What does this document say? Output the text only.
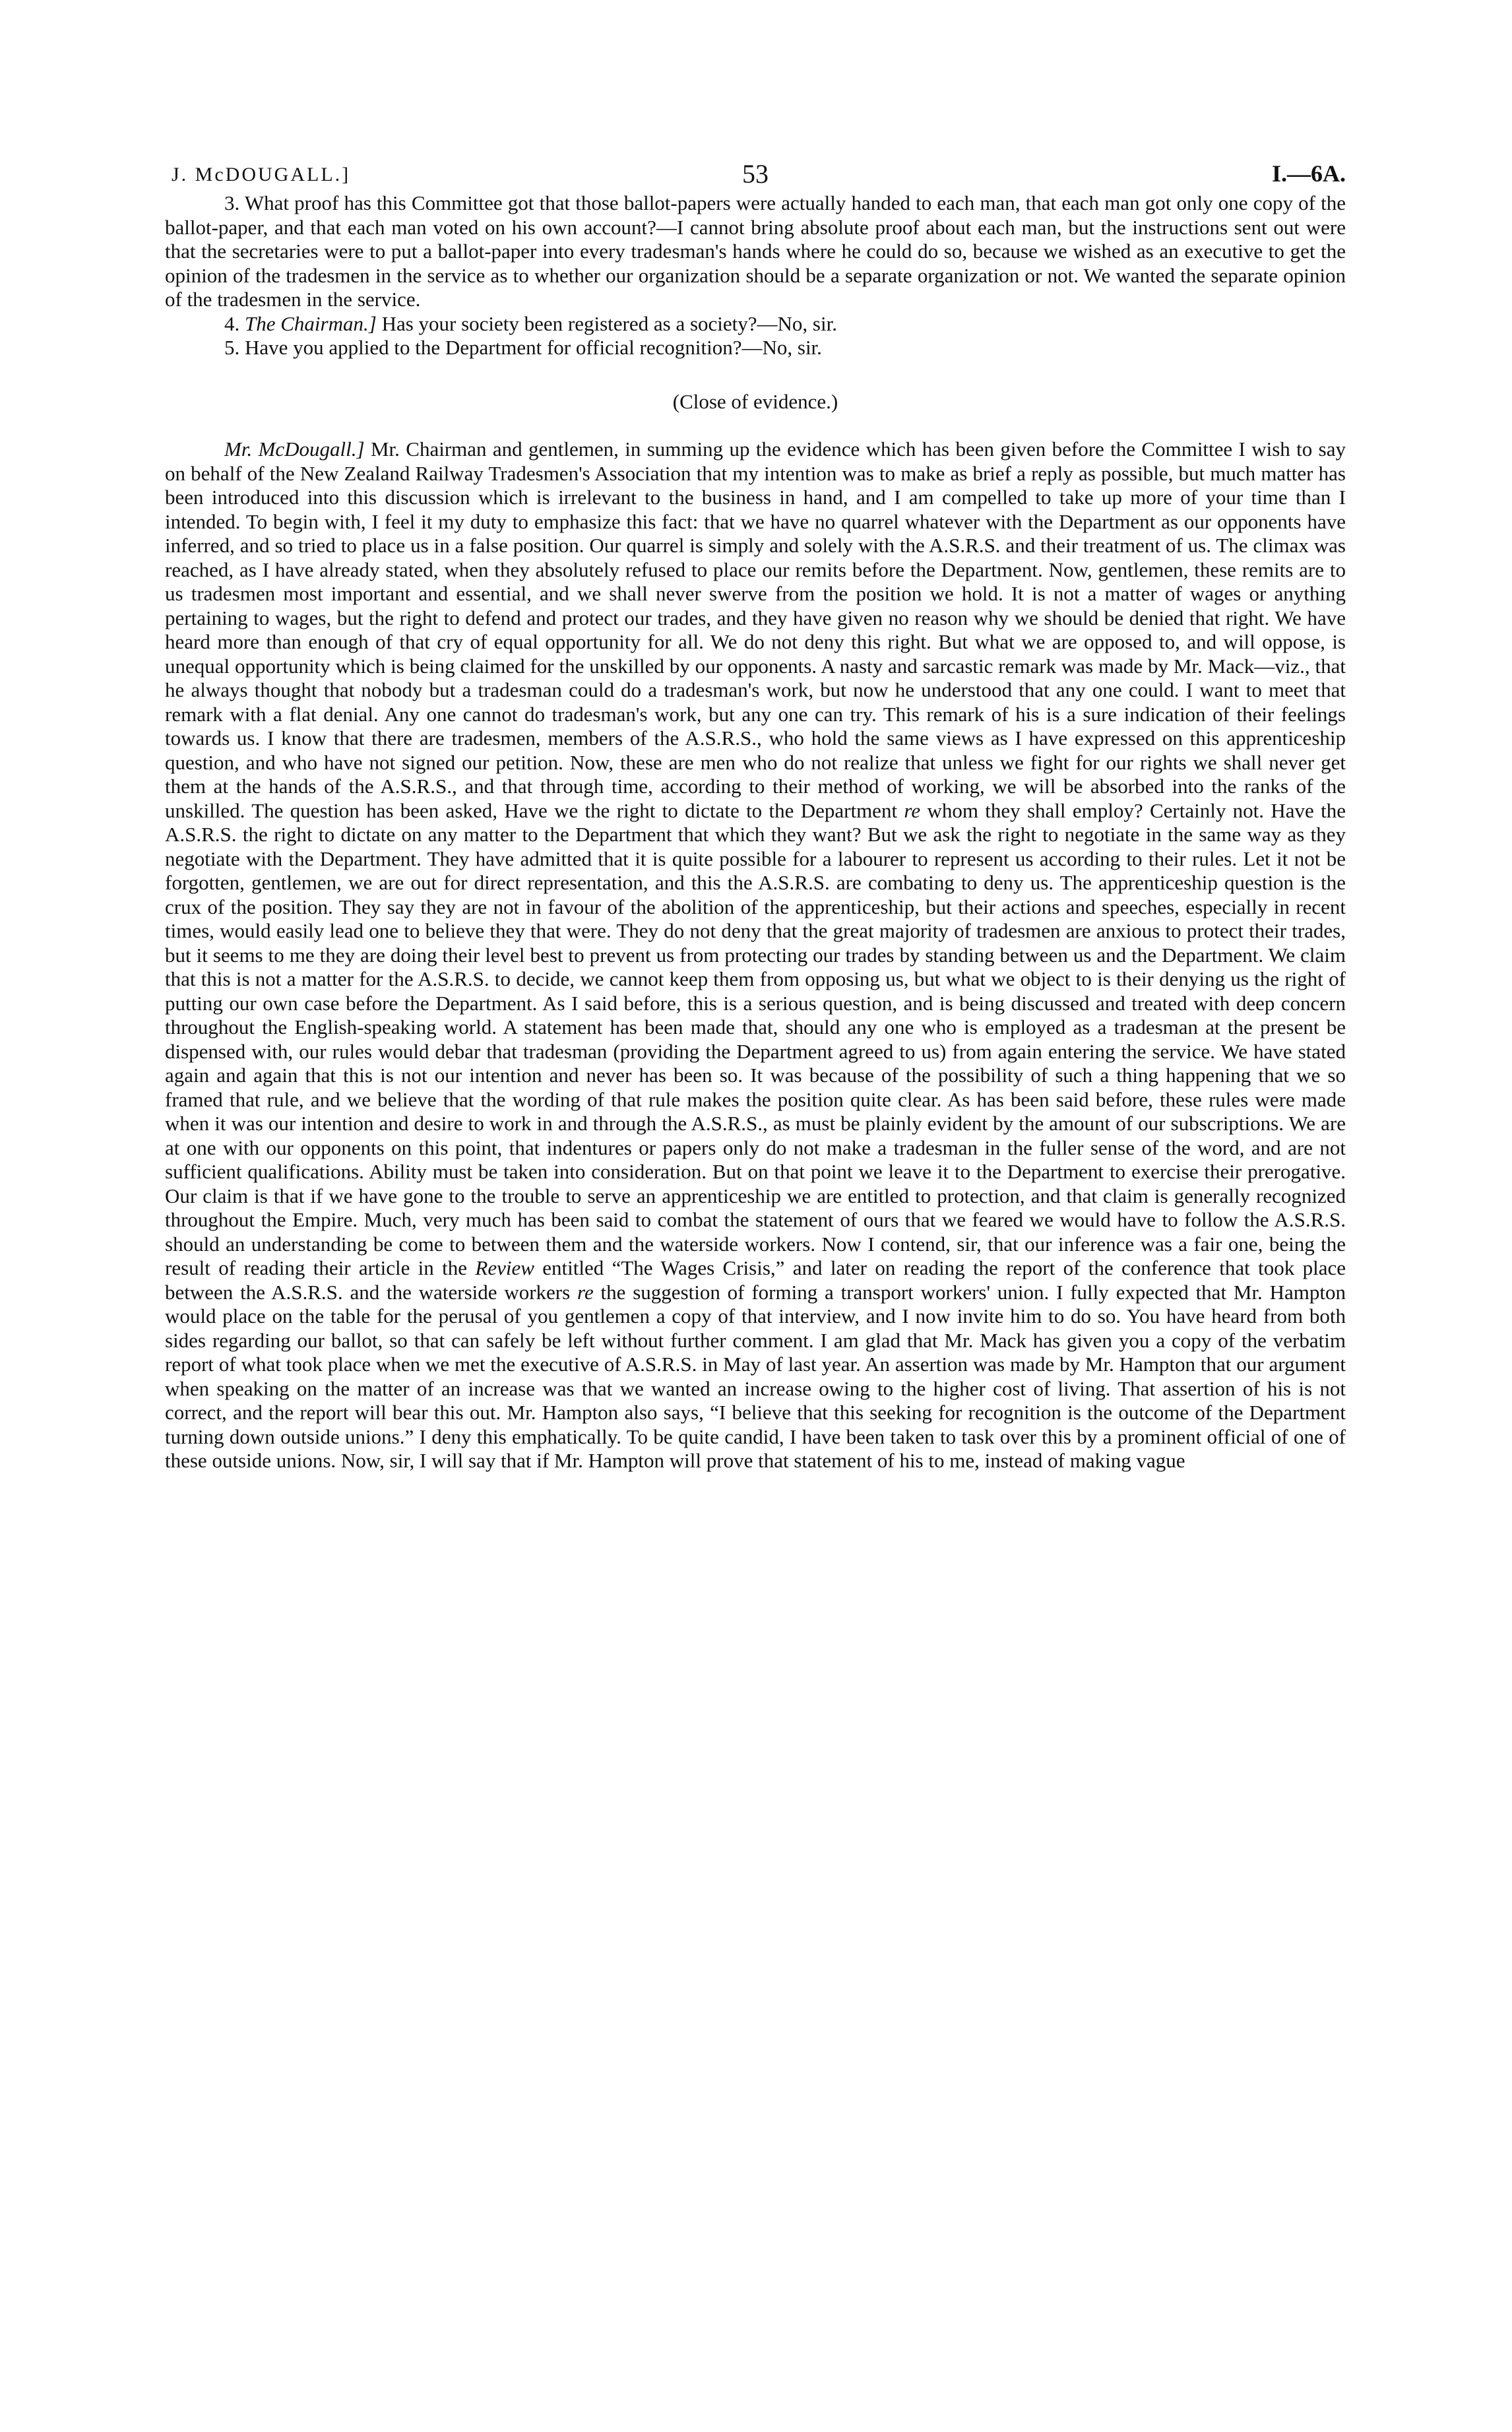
J. McDOUGALL.]	53	I.—6A.

3. What proof has this Committee got that those ballot-papers were actually handed to each man, that each man got only one copy of the ballot-paper, and that each man voted on his own account?—I cannot bring absolute proof about each man, but the instructions sent out were that the secretaries were to put a ballot-paper into every tradesman's hands where he could do so, because we wished as an executive to get the opinion of the tradesmen in the service as to whether our organization should be a separate organization or not. We wanted the separate opinion of the tradesmen in the service.

4. The Chairman.] Has your society been registered as a society?—No, sir.

5. Have you applied to the Department for official recognition?—No, sir.

(Close of evidence.)

Mr. McDougall.] Mr. Chairman and gentlemen, in summing up the evidence which has been given before the Committee I wish to say on behalf of the New Zealand Railway Tradesmen's Association that my intention was to make as brief a reply as possible, but much matter has been introduced into this discussion which is irrelevant to the business in hand, and I am compelled to take up more of your time than I intended. To begin with, I feel it my duty to emphasize this fact: that we have no quarrel whatever with the Department as our opponents have inferred, and so tried to place us in a false position. Our quarrel is simply and solely with the A.S.R.S. and their treatment of us. The climax was reached, as I have already stated, when they absolutely refused to place our remits before the Department. Now, gentlemen, these remits are to us tradesmen most important and essential, and we shall never swerve from the position we hold. It is not a matter of wages or anything pertaining to wages, but the right to defend and protect our trades, and they have given no reason why we should be denied that right. We have heard more than enough of that cry of equal opportunity for all. We do not deny this right. But what we are opposed to, and will oppose, is unequal opportunity which is being claimed for the unskilled by our opponents. A nasty and sarcastic remark was made by Mr. Mack—viz., that he always thought that nobody but a tradesman could do a tradesman's work, but now he understood that any one could. I want to meet that remark with a flat denial. Any one cannot do tradesman's work, but any one can try. This remark of his is a sure indication of their feelings towards us. I know that there are tradesmen, members of the A.S.R.S., who hold the same views as I have expressed on this apprenticeship question, and who have not signed our petition. Now, these are men who do not realize that unless we fight for our rights we shall never get them at the hands of the A.S.R.S., and that through time, according to their method of working, we will be absorbed into the ranks of the unskilled. The question has been asked, Have we the right to dictate to the Department re whom they shall employ? Certainly not. Have the A.S.R.S. the right to dictate on any matter to the Department that which they want? But we ask the right to negotiate in the same way as they negotiate with the Department. They have admitted that it is quite possible for a labourer to represent us according to their rules. Let it not be forgotten, gentlemen, we are out for direct representation, and this the A.S.R.S. are combating to deny us. The apprenticeship question is the crux of the position. They say they are not in favour of the abolition of the apprenticeship, but their actions and speeches, especially in recent times, would easily lead one to believe they that were. They do not deny that the great majority of tradesmen are anxious to protect their trades, but it seems to me they are doing their level best to prevent us from protecting our trades by standing between us and the Department. We claim that this is not a matter for the A.S.R.S. to decide, we cannot keep them from opposing us, but what we object to is their denying us the right of putting our own case before the Department. As I said before, this is a serious question, and is being discussed and treated with deep concern throughout the English-speaking world. A statement has been made that, should any one who is employed as a tradesman at the present be dispensed with, our rules would debar that tradesman (providing the Department agreed to us) from again entering the service. We have stated again and again that this is not our intention and never has been so. It was because of the possibility of such a thing happening that we so framed that rule, and we believe that the wording of that rule makes the position quite clear. As has been said before, these rules were made when it was our intention and desire to work in and through the A.S.R.S., as must be plainly evident by the amount of our subscriptions. We are at one with our opponents on this point, that indentures or papers only do not make a tradesman in the fuller sense of the word, and are not sufficient qualifications. Ability must be taken into consideration. But on that point we leave it to the Department to exercise their prerogative. Our claim is that if we have gone to the trouble to serve an apprenticeship we are entitled to protection, and that claim is generally recognized throughout the Empire. Much, very much has been said to combat the statement of ours that we feared we would have to follow the A.S.R.S. should an understanding be come to between them and the waterside workers. Now I contend, sir, that our inference was a fair one, being the result of reading their article in the Review entitled “The Wages Crisis,” and later on reading the report of the conference that took place between the A.S.R.S. and the waterside workers re the suggestion of forming a transport workers' union. I fully expected that Mr. Hampton would place on the table for the perusal of you gentlemen a copy of that interview, and I now invite him to do so. You have heard from both sides regarding our ballot, so that can safely be left without further comment. I am glad that Mr. Mack has given you a copy of the verbatim report of what took place when we met the executive of A.S.R.S. in May of last year. An assertion was made by Mr. Hampton that our argument when speaking on the matter of an increase was that we wanted an increase owing to the higher cost of living. That assertion of his is not correct, and the report will bear this out. Mr. Hampton also says, “I believe that this seeking for recognition is the outcome of the Department turning down outside unions.” I deny this emphatically. To be quite candid, I have been taken to task over this by a prominent official of one of these outside unions. Now, sir, I will say that if Mr. Hampton will prove that statement of his to me, instead of making vague
